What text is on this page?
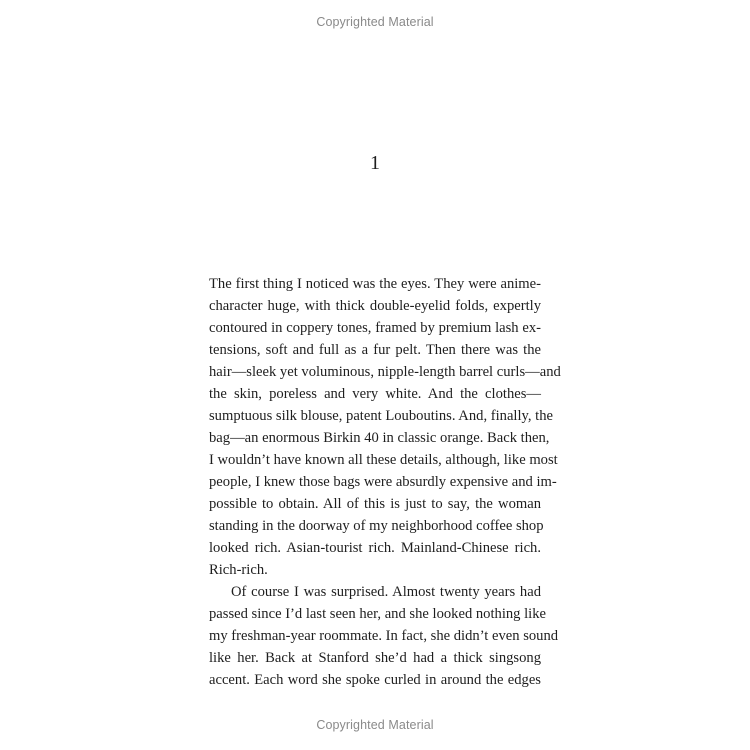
Copyrighted Material
1
The first thing I noticed was the eyes. They were anime-
character huge, with thick double-eyelid folds, expertly
contoured in coppery tones, framed by premium lash ex-
tensions, soft and full as a fur pelt. Then there was the
hair—sleek yet voluminous, nipple-length barrel curls—and
the skin, poreless and very white. And the clothes—
sumptuous silk blouse, patent Louboutins. And, finally, the
bag—an enormous Birkin 40 in classic orange. Back then,
I wouldn’t have known all these details, although, like most
people, I knew those bags were absurdly expensive and im-
possible to obtain. All of this is just to say, the woman
standing in the doorway of my neighborhood coffee shop
looked rich. Asian-tourist rich. Mainland-Chinese rich.
Rich-rich.
Of course I was surprised. Almost twenty years had
passed since I’d last seen her, and she looked nothing like
my freshman-year roommate. In fact, she didn’t even sound
like her. Back at Stanford she’d had a thick singsong
accent. Each word she spoke curled in around the edges
Copyrighted Material
